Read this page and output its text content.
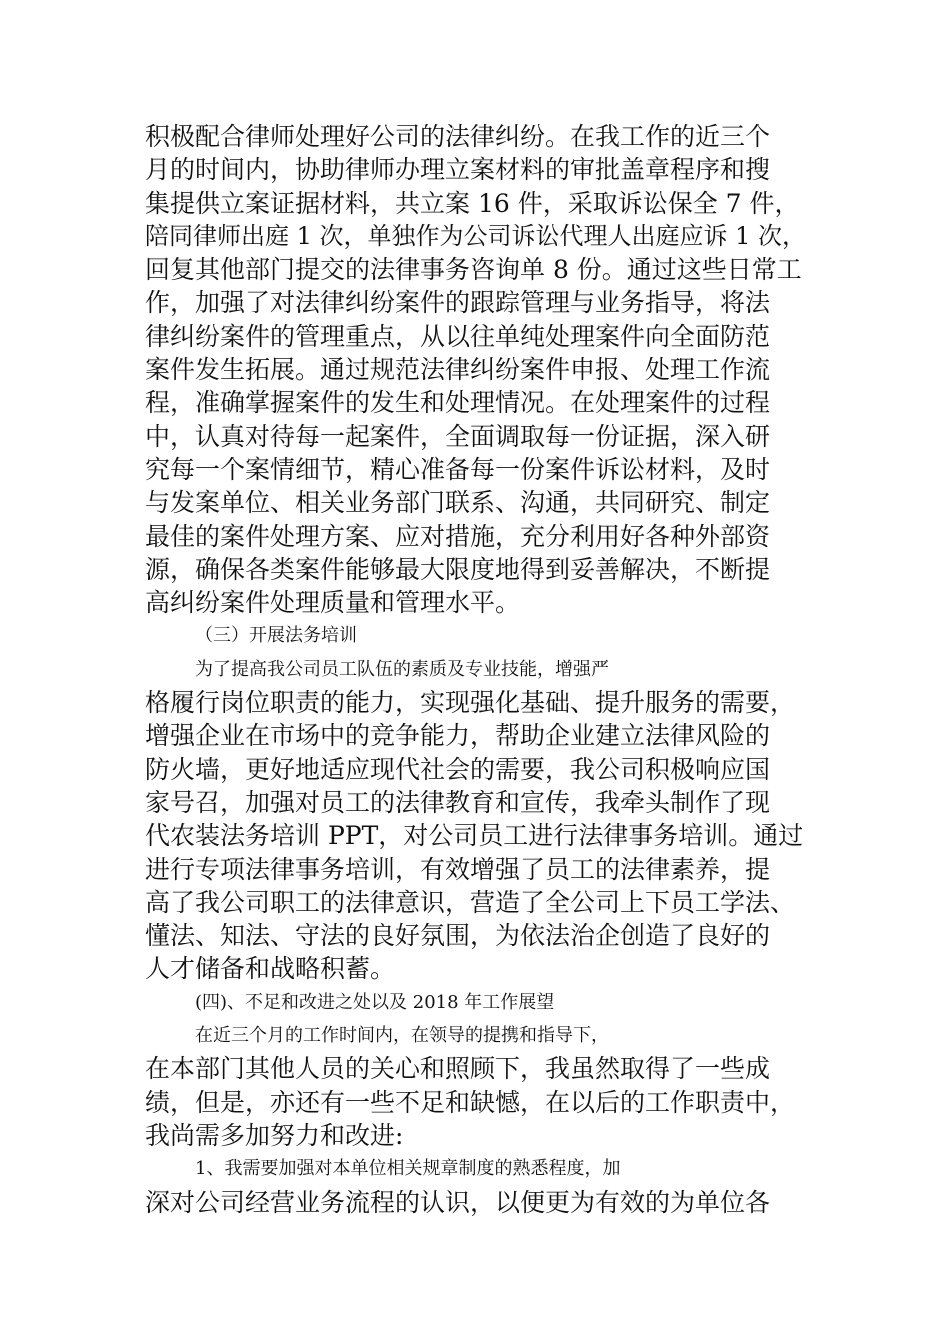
积极配合律师处理好公司的法律纠纷。在我工作的近三个
月的时间内，协助律师办理立案材料的审批盖章程序和搜
集提供立案证据材料，共立案 16 件，采取诉讼保全 7 件，
陪同律师出庭 1 次，单独作为公司诉讼代理人出庭应诉 1 次，
回复其他部门提交的法律事务咨询单 8 份。通过这些日常工
作，加强了对法律纠纷案件的跟踪管理与业务指导，将法
律纠纷案件的管理重点，从以往单纯处理案件向全面防范
案件发生拓展。通过规范法律纠纷案件申报、处理工作流
程，准确掌握案件的发生和处理情况。在处理案件的过程
中，认真对待每一起案件，全面调取每一份证据，深入研
究每一个案情细节，精心准备每一份案件诉讼材料，及时
与发案单位、相关业务部门联系、沟通，共同研究、制定
最佳的案件处理方案、应对措施，充分利用好各种外部资
源，确保各类案件能够最大限度地得到妥善解决，不断提
高纠纷案件处理质量和管理水平。
（三）开展法务培训
为了提高我公司员工队伍的素质及专业技能，增强严
格履行岗位职责的能力，实现强化基础、提升服务的需要，
增强企业在市场中的竞争能力，帮助企业建立法律风险的
防火墙，更好地适应现代社会的需要，我公司积极响应国
家号召，加强对员工的法律教育和宣传，我牵头制作了现
代农装法务培训 PPT，对公司员工进行法律事务培训。通过
进行专项法律事务培训，有效增强了员工的法律素养，提
高了我公司职工的法律意识，营造了全公司上下员工学法、
懂法、知法、守法的良好氛围，为依法治企创造了良好的
人才储备和战略积蓄。
(四)、不足和改进之处以及 2018 年工作展望
在近三个月的工作时间内，在领导的提携和指导下，
在本部门其他人员的关心和照顾下，我虽然取得了一些成
绩，但是，亦还有一些不足和缺憾，在以后的工作职责中，
我尚需多加努力和改进:
1、我需要加强对本单位相关规章制度的熟悉程度，加
深对公司经营业务流程的认识，以便更为有效的为单位各
